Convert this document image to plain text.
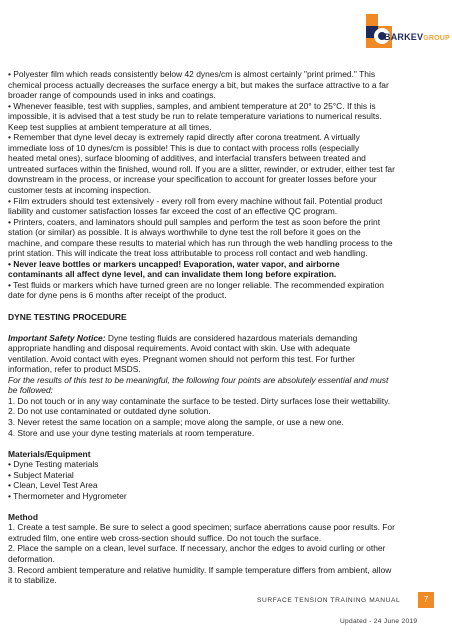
BARKEVGROUP
• Polyester film which reads consistently below 42 dynes/cm is almost certainly "print primed." This
chemical process actually decreases the surface energy a bit, but makes the surface attractive to a far
broader range of compounds used in inks and coatings.
• Whenever feasible, test with supplies, samples, and ambient temperature at 20° to 25°C. If this is
impossible, it is advised that a test study be run to relate temperature variations to numerical results.
Keep test supplies at ambient temperature at all times.
• Remember that dyne level decay is extremely rapid directly after corona treatment. A virtually
immediate loss of 10 dynes/cm is possible! This is due to contact with process rolls (especially
heated metal ones), surface blooming of additives, and interfacial transfers between treated and
untreated surfaces within the finished, wound roll. If you are a slitter, rewinder, or extruder, either test far
downstream in the process, or increase your specification to account for greater losses before your
customer tests at incoming inspection.
• Film extruders should test extensively - every roll from every machine without fail. Potential product
liability and customer satisfaction losses far exceed the cost of an effective QC program.
• Printers, coaters, and laminators should pull samples and perform the test as soon before the print
station (or similar) as possible. It is always worthwhile to dyne test the roll before it goes on the
machine, and compare these results to material which has run through the web handling process to the
print station. This will indicate the treat loss attributable to process roll contact and web handling.
• Never leave bottles or markers uncapped! Evaporation, water vapor, and airborne
contaminants all affect dyne level, and can invalidate them long before expiration.
• Test fluids or markers which have turned green are no longer reliable. The recommended expiration
date for dyne pens is 6 months after receipt of the product.
DYNE TESTING PROCEDURE
Important Safety Notice: Dyne testing fluids are considered hazardous materials demanding
appropriate handling and disposal requirements. Avoid contact with skin. Use with adequate
ventilation. Avoid contact with eyes. Pregnant women should not perform this test. For further
information, refer to product MSDS.
For the results of this test to be meaningful, the following four points are absolutely essential and must
be followed:
1. Do not touch or in any way contaminate the surface to be tested. Dirty surfaces lose their wettability.
2. Do not use contaminated or outdated dyne solution.
3. Never retest the same location on a sample; move along the sample, or use a new one.
4. Store and use your dyne testing materials at room temperature.
Materials/Equipment
• Dyne Testing materials
• Subject Material
• Clean, Level Test Area
• Thermometer and Hygrometer
Method
1. Create a test sample. Be sure to select a good specimen; surface aberrations cause poor results. For
extruded film, one entire web cross-section should suffice. Do not touch the surface.
2. Place the sample on a clean, level surface. If necessary, anchor the edges to avoid curling or other
deformation.
3. Record ambient temperature and relative humidity. If sample temperature differs from ambient, allow
it to stabilize.
SURFACE TENSION TRAINING MANUAL	7
Updated - 24 June 2019
